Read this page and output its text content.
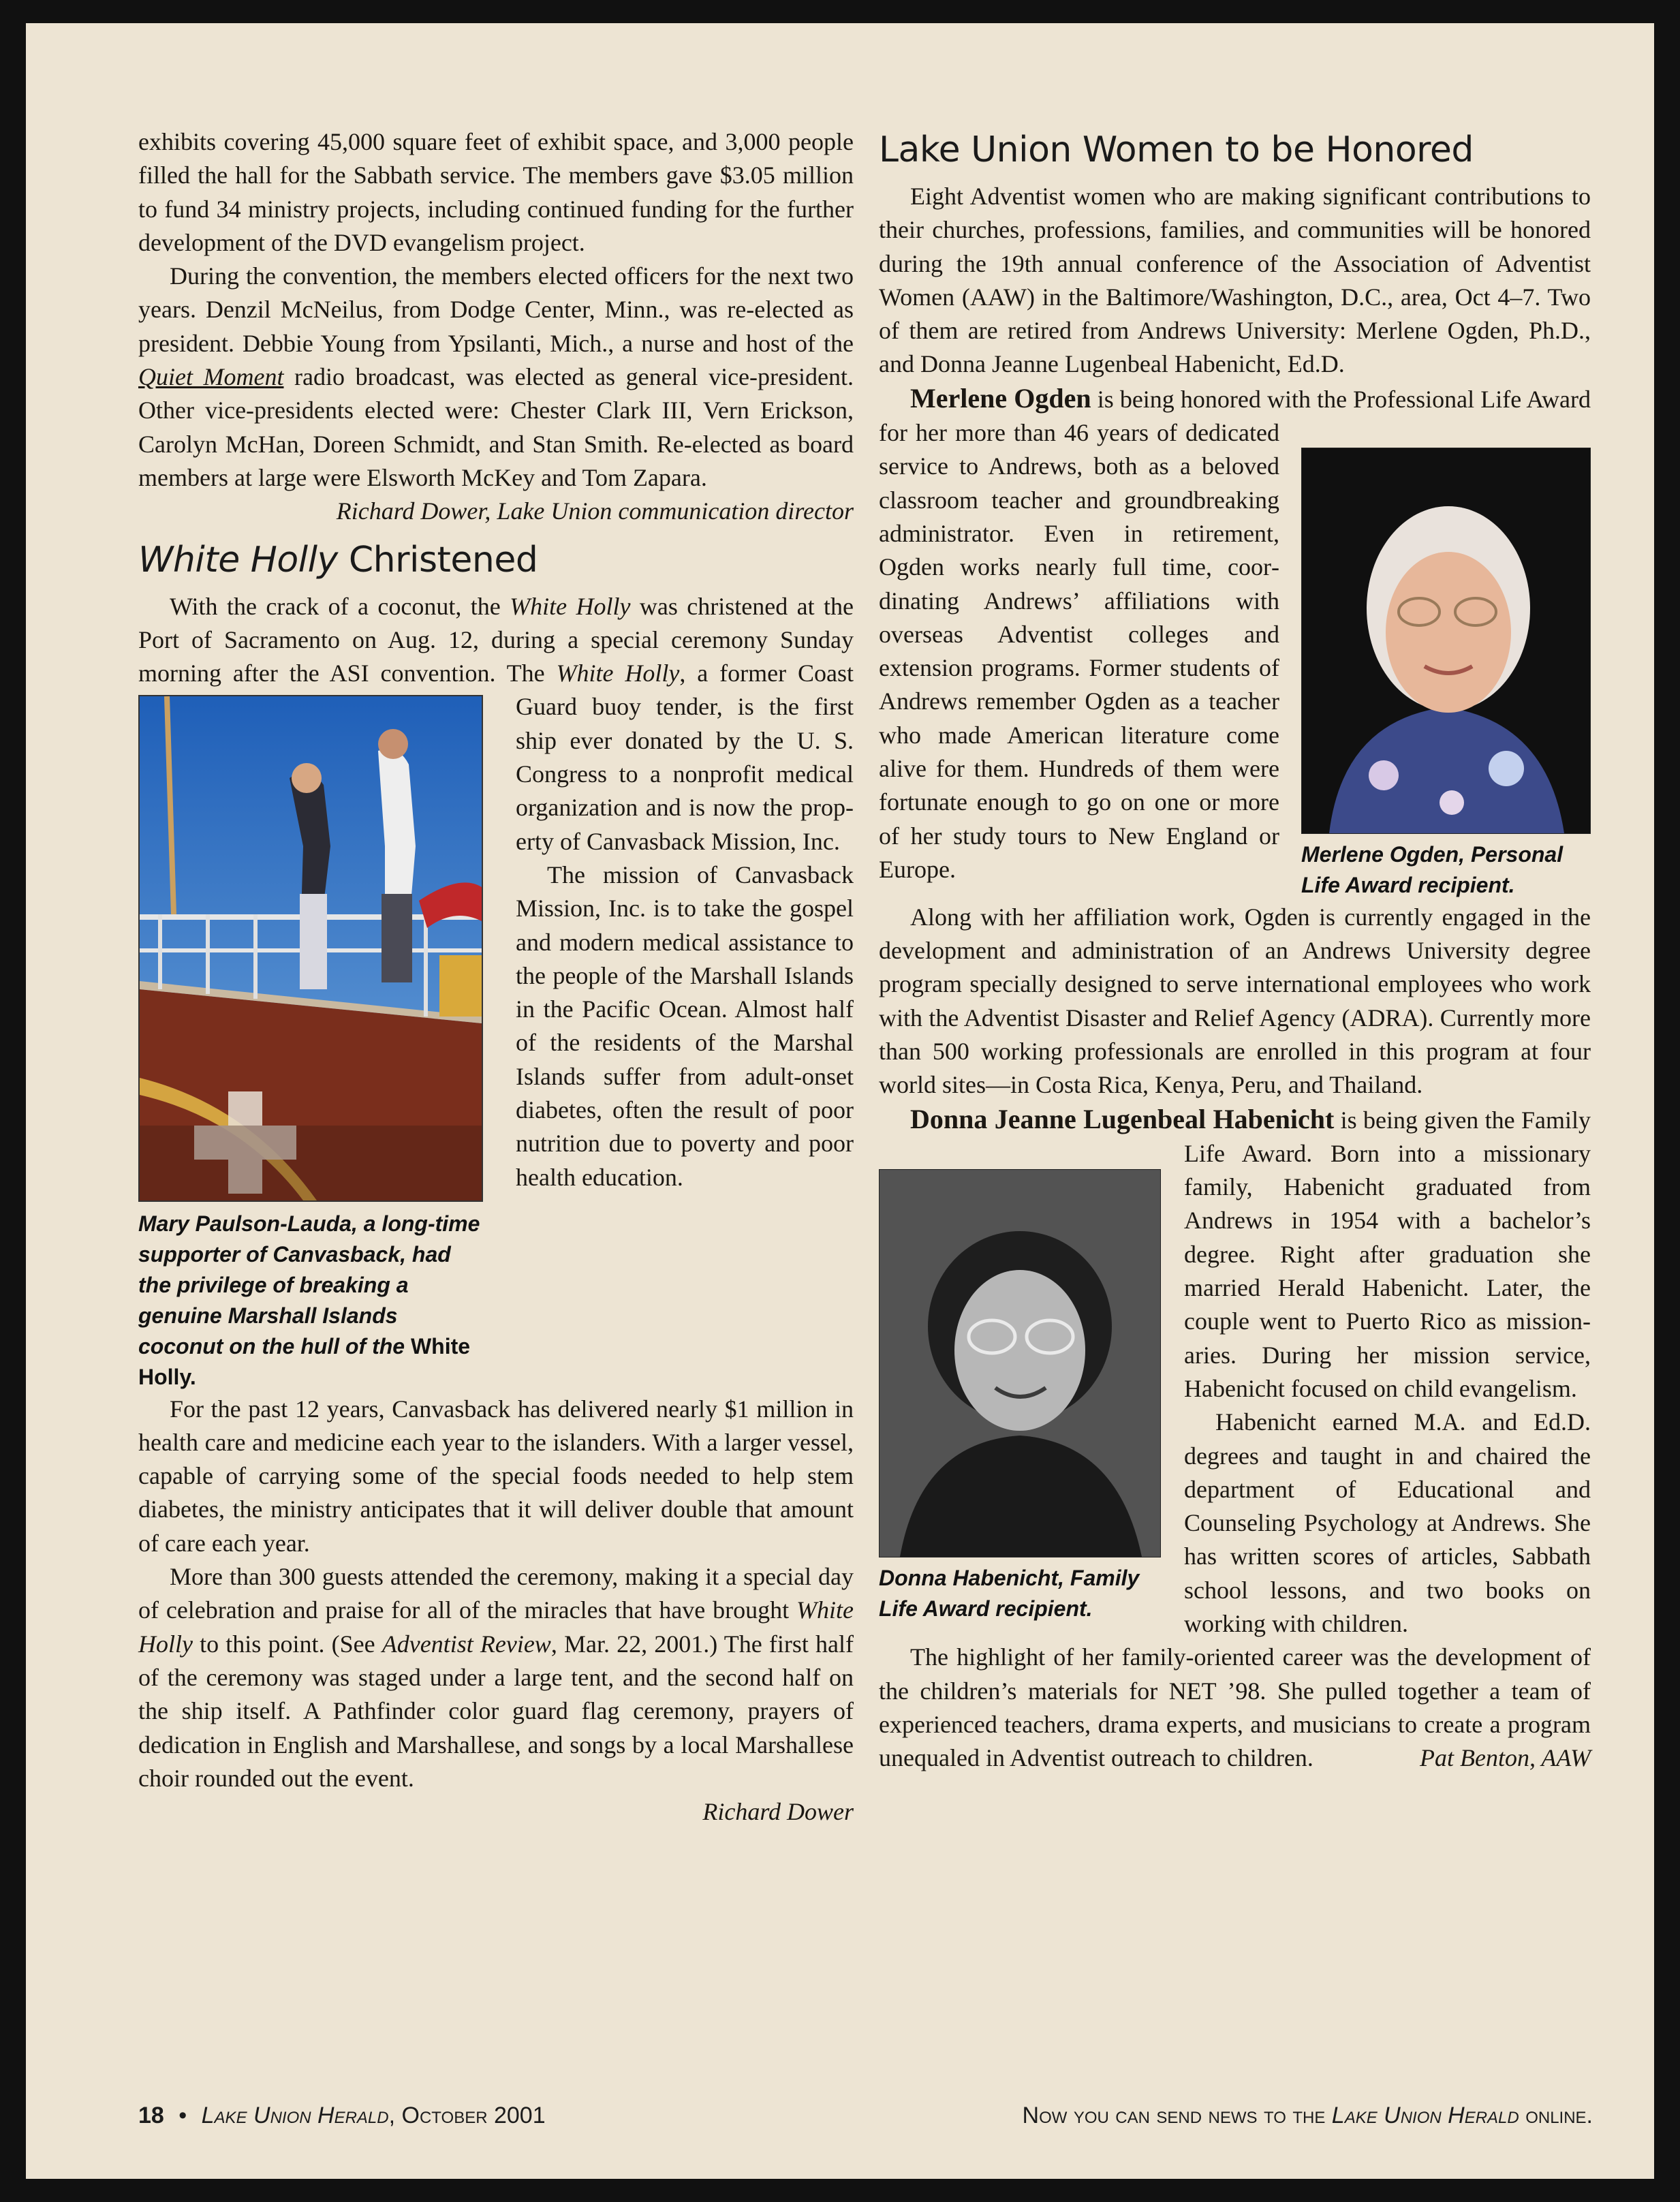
exhibits covering 45,000 square feet of exhibit space, and 3,000 people filled the hall for the Sabbath service. The members gave $3.05 million to fund 34 ministry projects, including continued funding for the further development of the DVD evangelism project.

During the convention, the members elected officers for the next two years. Denzil McNeilus, from Dodge Center, Minn., was re-elected as president. Debbie Young from Ypsilanti, Mich., a nurse and host of the Quiet Moment radio broadcast, was elected as general vice-president. Other vice-presidents elected were: Chester Clark III, Vern Erickson, Carolyn McHan, Doreen Schmidt, and Stan Smith. Re-elected as board members at large were Elsworth McKey and Tom Zapara.

Richard Dower, Lake Union communication director
White Holly Christened
Mary Paulson-Lauda, a long-time supporter of Canvasback, had the privilege of breaking a genuine Marshall Islands coconut on the hull of the White Holly.

With the crack of a coconut, the White Holly was christened at the Port of Sacramento on Aug. 12, during a special ceremony Sunday morning after the ASI convention. The White Holly, a former Coast Guard buoy tender, is the first ship ever donated by the U. S. Congress to a nonprofit medical organization and is now the property of Canvasback Mission, Inc.

The mission of Canvasback Mission, Inc. is to take the gospel and modern medical assistance to the people of the Marshall Islands in the Pacific Ocean. Almost half of the residents of the Marshal Islands suffer from adult-onset diabetes, often the result of poor nutrition due to poverty and poor health education.

For the past 12 years, Canvasback has delivered nearly $1 million in health care and medicine each year to the islanders. With a larger vessel, capable of carrying some of the special foods needed to help stem diabetes, the ministry anticipates that it will deliver double that amount of care each year.

More than 300 guests attended the ceremony, making it a special day of celebration and praise for all of the miracles that have brought White Holly to this point. (See Adventist Review, Mar. 22, 2001.) The first half of the ceremony was staged under a large tent, and the second half on the ship itself. A Pathfinder color guard flag ceremony, prayers of dedication in English and Marshallese, and songs by a local Marshallese choir rounded out the event.

Richard Dower
Lake Union Women to be Honored

Eight Adventist women who are making significant contributions to their churches, professions, families, and communities will be honored during the 19th annual conference of the Association of Adventist Women (AAW) in the Baltimore/Washington, D.C., area, Oct 4–7. Two of them are retired from Andrews University: Merlene Ogden, Ph.D., and Donna Jeanne Lugenbeal Habenicht, Ed.D.

Merlene Ogden, Personal Life Award recipient.

Merlene Ogden is being honored with the Professional Life Award for her more than 46 years of dedicated service to Andrews, both as a beloved classroom teacher and groundbreaking administrator. Even in retirement, Ogden works nearly full time, coordinating Andrews’ affiliations with overseas Adventist colleges and extension programs. Former students of Andrews remember Ogden as a teacher who made American literature come alive for them. Hundreds of them were fortunate enough to go on one or more of her study tours to New England or Europe.

Along with her affiliation work, Ogden is currently engaged in the development and administration of an Andrews University degree program specially designed to serve international employees who work with the Adventist Disaster and Relief Agency (ADRA). Currently more than 500 working professionals are enrolled in this program at four world sites—in Costa Rica, Kenya, Peru, and Thailand.

Donna Habenicht, Family Life Award recipient.

Donna Jeanne Lugenbeal Habenicht is being given the Family Life Award. Born into a missionary family, Habenicht graduated from Andrews in 1954 with a bachelor’s degree. Right after graduation she married Herald Habenicht. Later, the couple went to Puerto Rico as missionaries. During her mission service, Habenicht focused on child evangelism.

Habenicht earned M.A. and Ed.D. degrees and taught in and chaired the department of Educational and Counseling Psychology at Andrews. She has written scores of articles, Sabbath school lessons, and two books on working with children.

The highlight of her family-oriented career was the development of the children’s materials for NET ’98. She pulled together a team of experienced teachers, drama experts, and musicians to create a program unequaled in Adventist outreach to children.	Pat Benton, AAW

18 • Lake Union Herald, October 2001	Now you can send news to the Lake Union Herald online.
